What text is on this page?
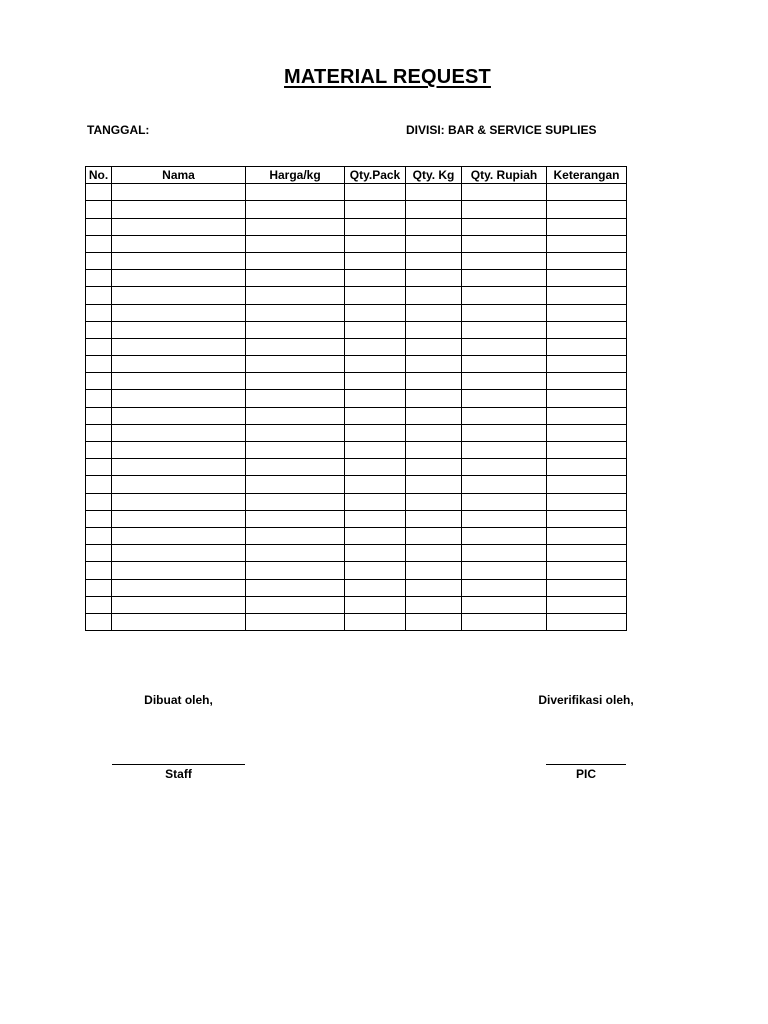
MATERIAL REQUEST
TANGGAL:	DIVISI: BAR & SERVICE SUPLIES
No.	Nama	Harga/kg	Qty.Pack	Qty. Kg	Qty. Rupiah	Keterangan

Dibuat oleh,	Diverifikasi oleh,
Staff	PIC
